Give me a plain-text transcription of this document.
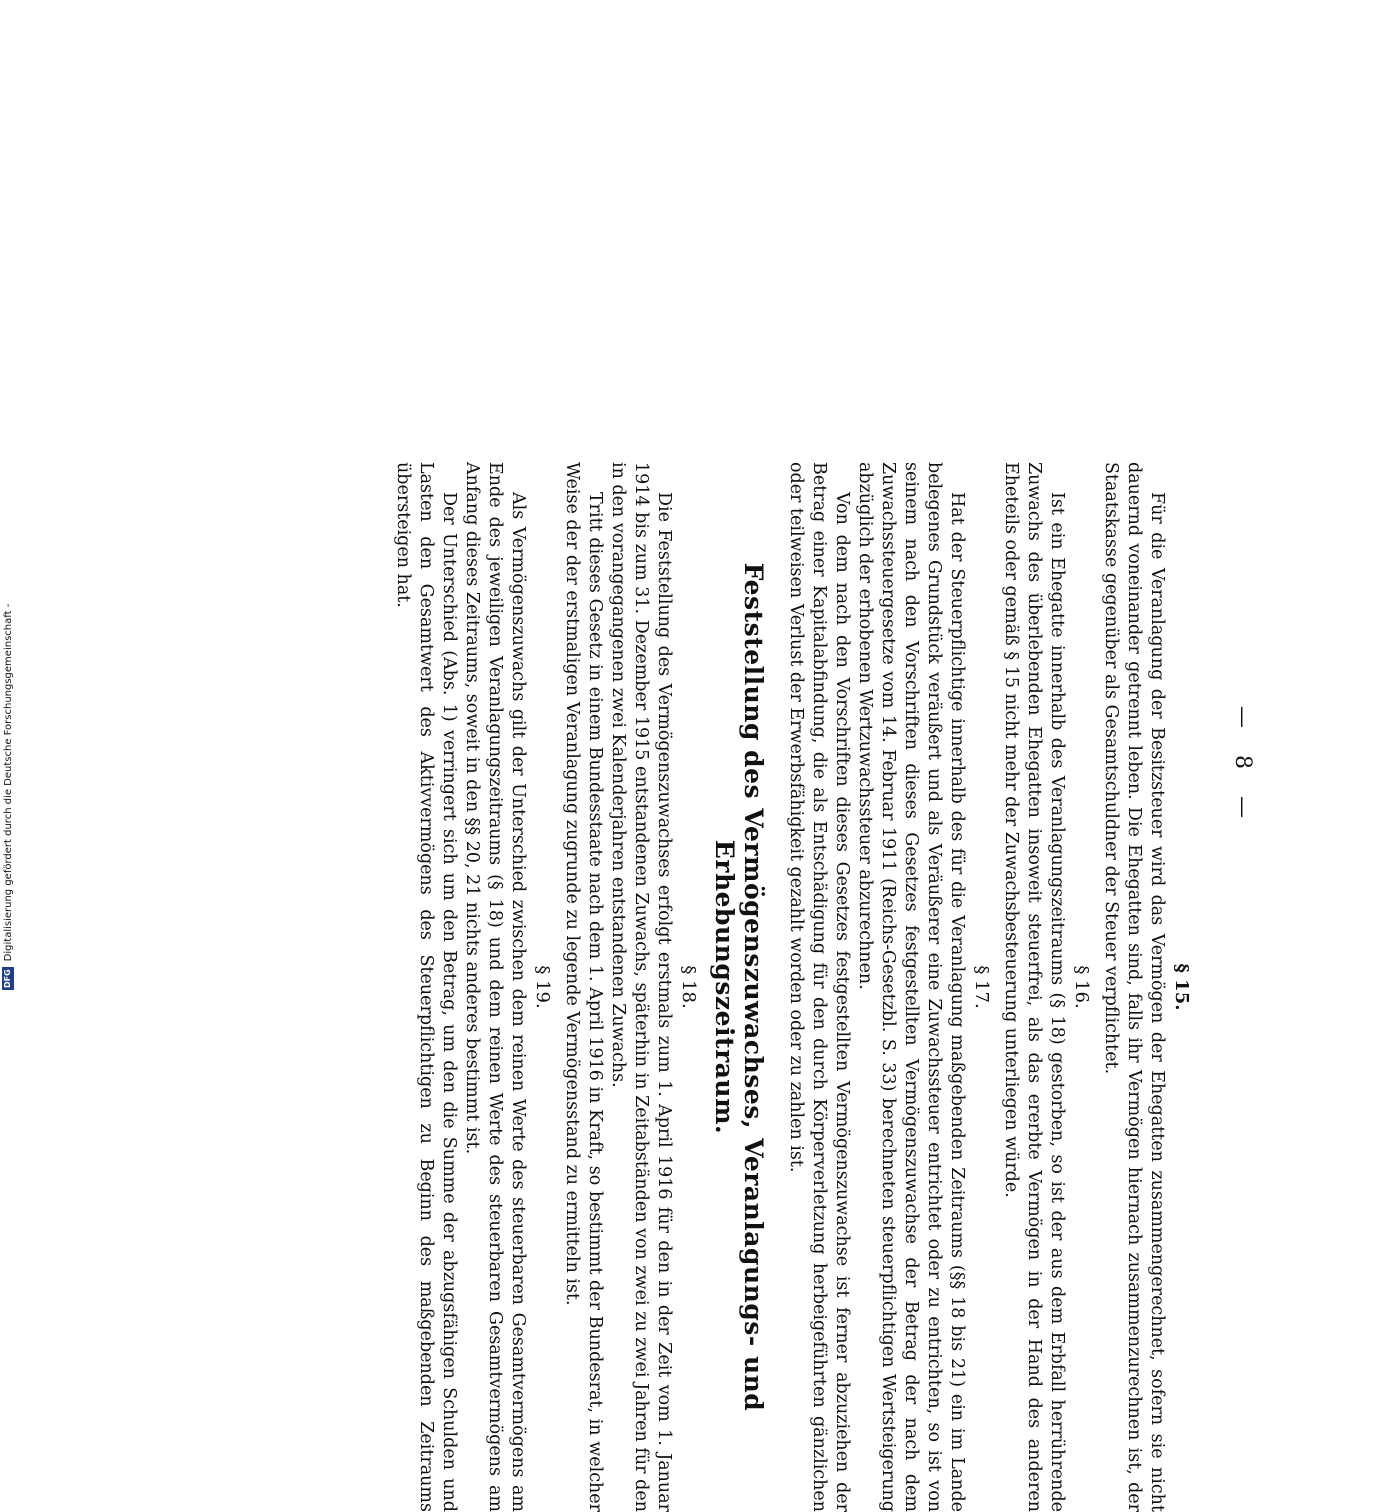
— 8 —
§ 15.

Für die Veranlagung der Besitzsteuer wird das Vermögen der Ehegatten zusammengerechnet, sofern sie nicht dauernd voneinander getrennt leben. Die Ehegatten sind, falls ihr Vermögen hiernach zusammenzurechnen ist, der Staatskasse gegenüber als Gesamtschuldner der Steuer verpflichtet.

§ 16.

Ist ein Ehegatte innerhalb des Veranlagungszeitraums (§ 18) gestorben, so ist der aus dem Erbfall herrührende Zuwachs des überlebenden Ehegatten insoweit steuerfrei, als das ererbte Vermögen in der Hand des anderen Eheteils oder gemäß § 15 nicht mehr der Zuwachsbesteuerung unterliegen würde.

§ 17.

Hat der Steuerpflichtige innerhalb des für die Veranlagung maßgebenden Zeitraums (§§ 18 bis 21) ein im Lande belegenes Grundstück veräußert und als Veräußerer eine Zuwachssteuer entrichtet oder zu entrichten, so ist von seinem nach den Vorschriften dieses Gesetzes festgestellten Vermögenszuwachse der Betrag der nach dem Zuwachssteuergesetze vom 14. Februar 1911 (Reichs-Gesetzbl. S. 33) berechneten steuerpflichtigen Wertsteigerung abzüglich der erhobenen Wertzuwachssteuer abzurechnen.

Von dem nach den Vorschriften dieses Gesetzes festgestellten Vermögenszuwachse ist ferner abzuziehen der Betrag einer Kapitalabfindung, die als Entschädigung für den durch Körperverletzung herbeigeführten gänzlichen oder teilweisen Verlust der Erwerbsfähigkeit gezahlt worden oder zu zahlen ist.

Feststellung des Vermögenszuwachses, Veranlagungs- und Erhebungszeitraum.
§ 18.

Die Feststellung des Vermögenszuwachses erfolgt erstmals zum 1. April 1916 für den in der Zeit vom 1. Januar 1914 bis zum 31. Dezember 1915 entstandenen Zuwachs, späterhin in Zeitabständen von zwei zu zwei Jahren für den in den vorangegangenen zwei Kalenderjahren entstandenen Zuwachs.

Tritt dieses Gesetz in einem Bundesstaate nach dem 1. April 1916 in Kraft, so bestimmt der Bundesrat, in welcher Weise der der erstmaligen Veranlagung zugrunde zu legende Vermögensstand zu ermitteln ist.

§ 19.

Als Vermögenszuwachs gilt der Unterschied zwischen dem reinen Werte des steuerbaren Gesamtvermögens am Ende des jeweiligen Veranlagungszeitraums (§ 18) und dem reinen Werte des steuerbaren Gesamtvermögens am Anfang dieses Zeitraums, soweit in den §§ 20, 21 nichts anderes bestimmt ist.

Der Unterschied (Abs. 1) verringert sich um den Betrag, um den die Summe der abzugsfähigen Schulden und Lasten den Gesamtwert des Aktivvermögens des Steuerpflichtigen zu Beginn des maßgebenden Zeitraums übersteigen hat.

DFGDigitalisierung gefördert durch die Deutsche Forschungsgemeinschaft -
